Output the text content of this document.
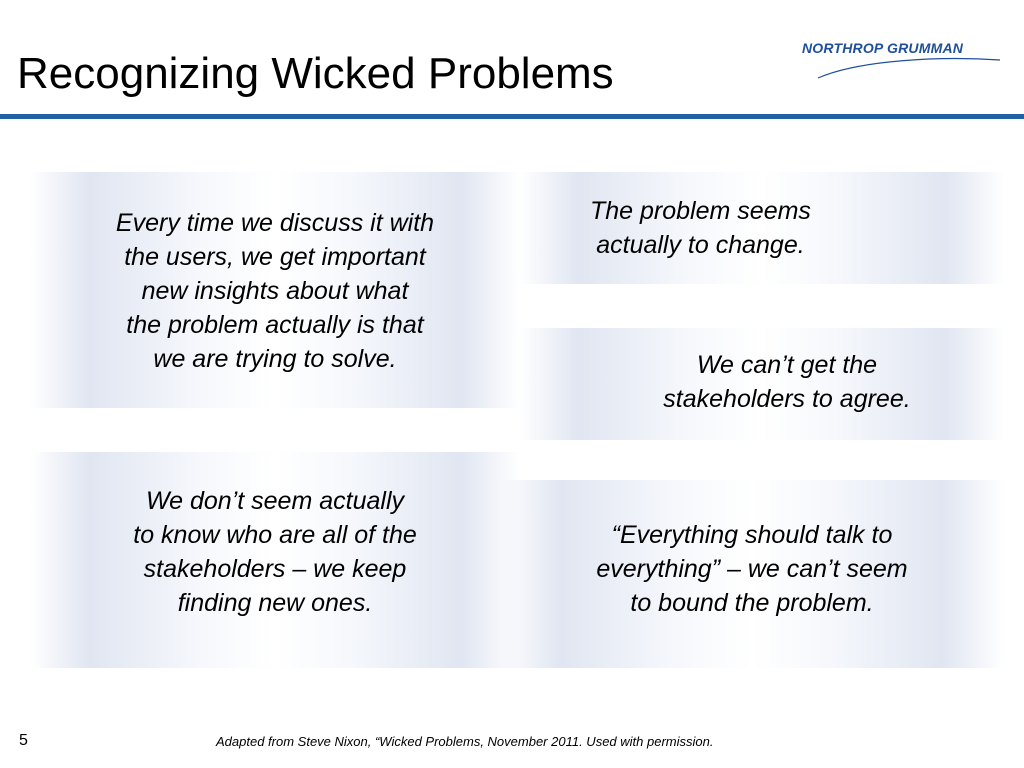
Recognizing Wicked Problems
NORTHROP GRUMMAN
Every time we discuss it with
the users, we get important
new insights about what
the problem actually is that
we are trying to solve.
The problem seems
actually to change.
We can’t get the
stakeholders to agree.
We don’t seem actually
to know who are all of the
stakeholders – we keep
finding new ones.
“Everything should talk to
everything” – we can’t seem
to bound the problem.
5	Adapted from Steve Nixon, “Wicked Problems, November 2011. Used with permission.
